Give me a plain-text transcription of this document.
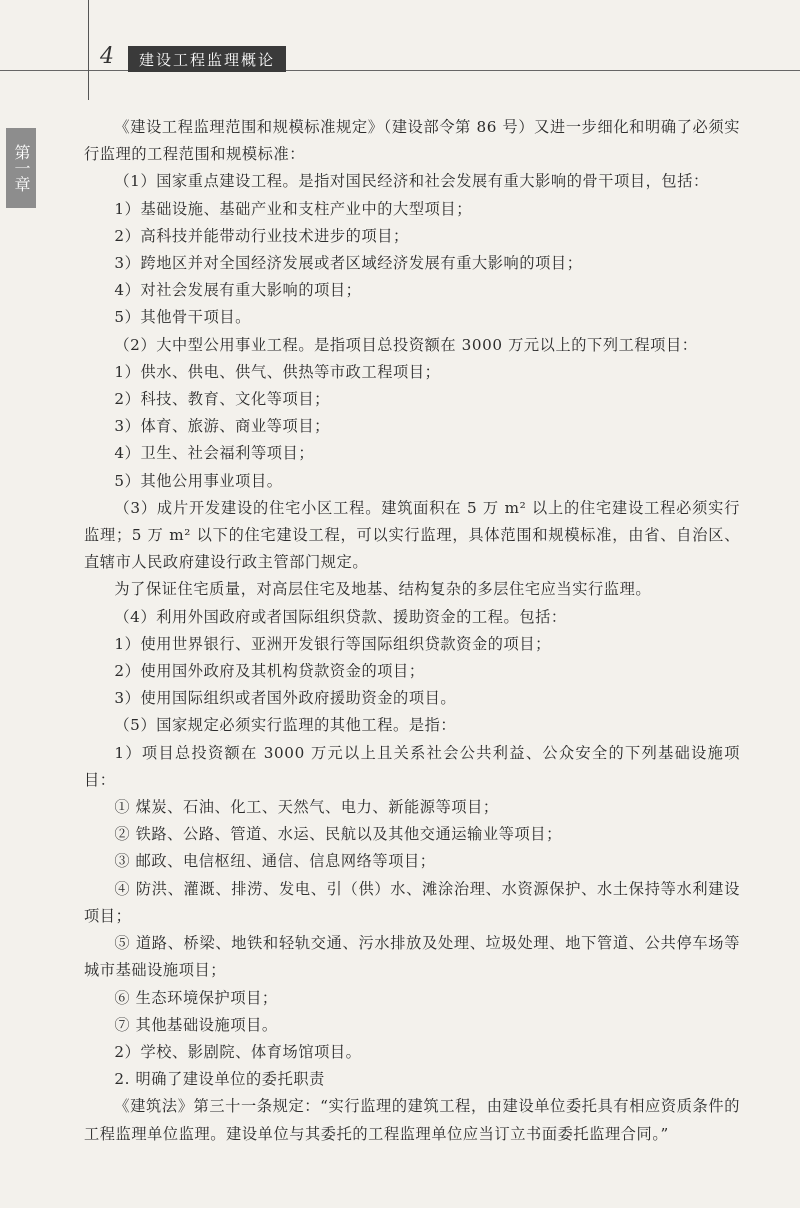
4	建设工程监理概论
第一章

《建设工程监理范围和规模标准规定》（建设部令第 86 号）又进一步细化和明确了必须实行监理的工程范围和规模标准：

（1）国家重点建设工程。是指对国民经济和社会发展有重大影响的骨干项目，包括：

1）基础设施、基础产业和支柱产业中的大型项目；

2）高科技并能带动行业技术进步的项目；

3）跨地区并对全国经济发展或者区域经济发展有重大影响的项目；

4）对社会发展有重大影响的项目；

5）其他骨干项目。

（2）大中型公用事业工程。是指项目总投资额在 3000 万元以上的下列工程项目：

1）供水、供电、供气、供热等市政工程项目；

2）科技、教育、文化等项目；

3）体育、旅游、商业等项目；

4）卫生、社会福利等项目；

5）其他公用事业项目。

（3）成片开发建设的住宅小区工程。建筑面积在 5 万 m² 以上的住宅建设工程必须实行监理；5 万 m² 以下的住宅建设工程，可以实行监理，具体范围和规模标准，由省、自治区、直辖市人民政府建设行政主管部门规定。

为了保证住宅质量，对高层住宅及地基、结构复杂的多层住宅应当实行监理。

（4）利用外国政府或者国际组织贷款、援助资金的工程。包括：

1）使用世界银行、亚洲开发银行等国际组织贷款资金的项目；

2）使用国外政府及其机构贷款资金的项目；

3）使用国际组织或者国外政府援助资金的项目。

（5）国家规定必须实行监理的其他工程。是指：

1）项目总投资额在 3000 万元以上且关系社会公共利益、公众安全的下列基础设施项目：

① 煤炭、石油、化工、天然气、电力、新能源等项目；

② 铁路、公路、管道、水运、民航以及其他交通运输业等项目；

③ 邮政、电信枢纽、通信、信息网络等项目；

④ 防洪、灌溉、排涝、发电、引（供）水、滩涂治理、水资源保护、水土保持等水利建设项目；

⑤ 道路、桥梁、地铁和轻轨交通、污水排放及处理、垃圾处理、地下管道、公共停车场等城市基础设施项目；

⑥ 生态环境保护项目；

⑦ 其他基础设施项目。

2）学校、影剧院、体育场馆项目。

2. 明确了建设单位的委托职责

《建筑法》第三十一条规定：“实行监理的建筑工程，由建设单位委托具有相应资质条件的工程监理单位监理。建设单位与其委托的工程监理单位应当订立书面委托监理合同。”
